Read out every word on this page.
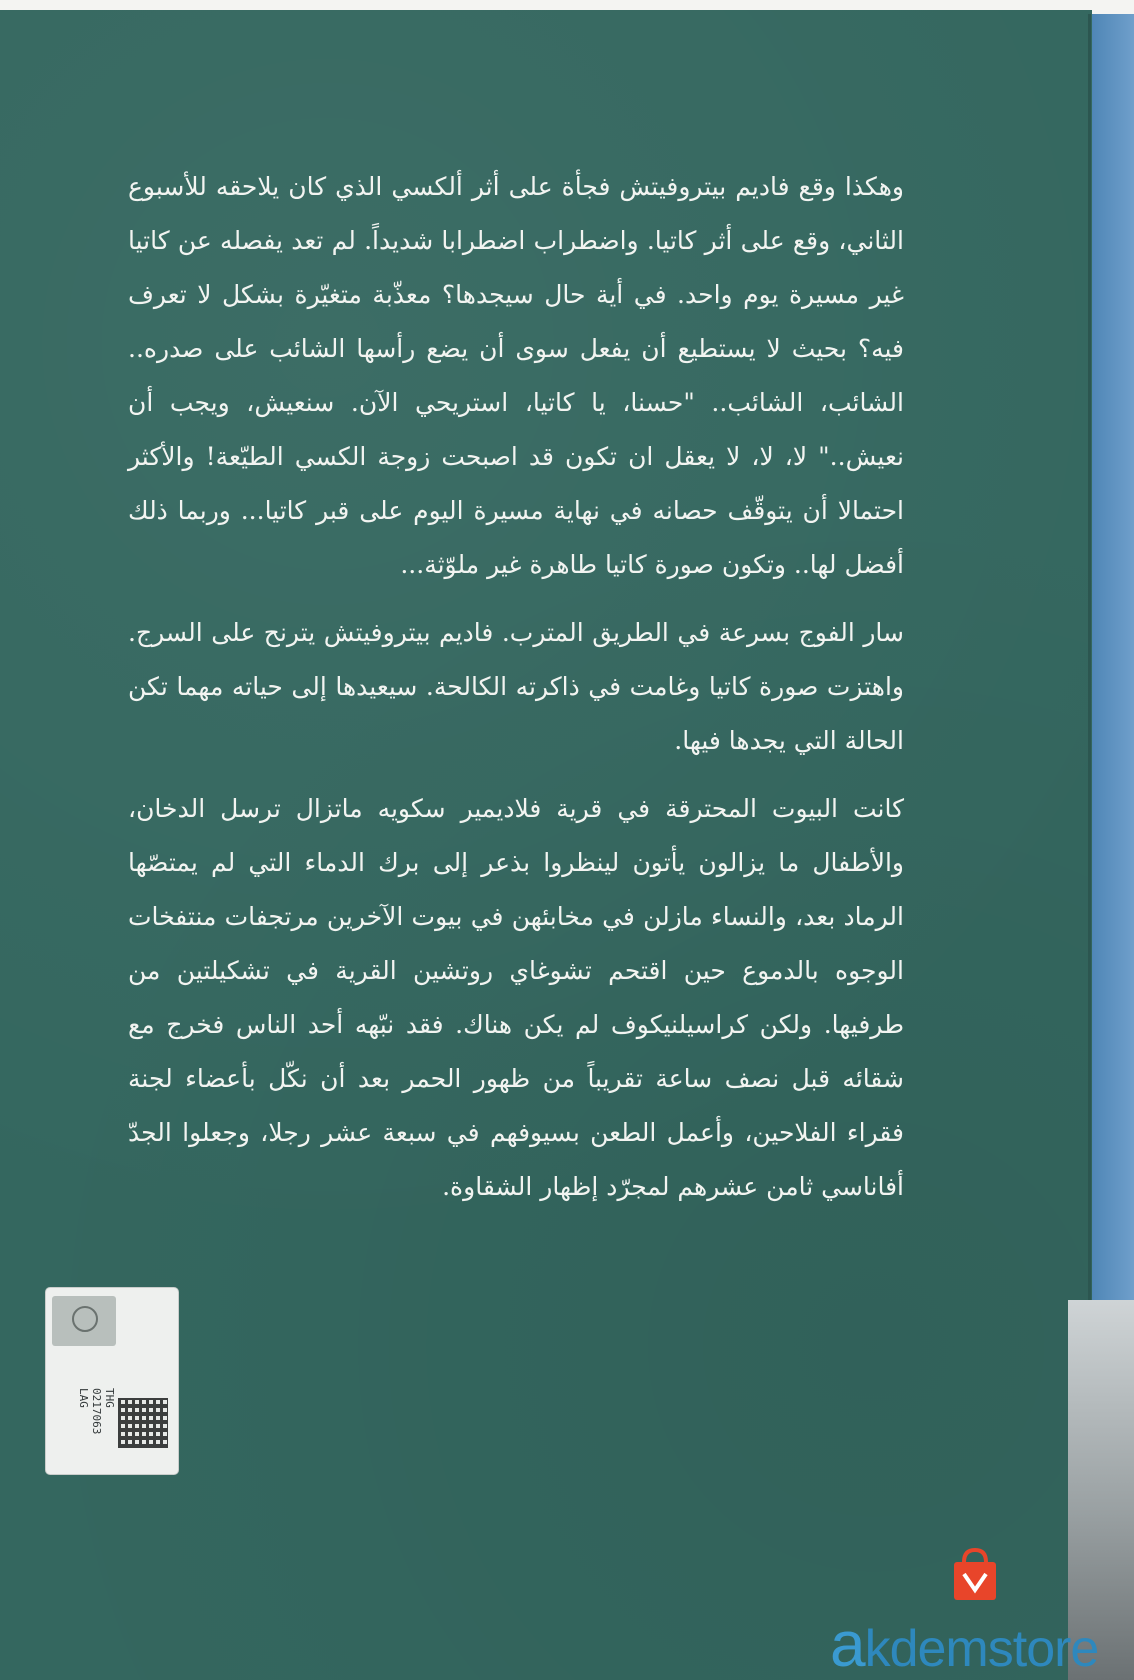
وهكذا وقع فاديم بيتروفيتش فجأة على أثر ألكسي الذي كان يلاحقه للأسبوع الثاني، وقع على أثر كاتيا. واضطراب اضطرابا شديداً. لم تعد يفصله عن كاتيا غير مسيرة يوم واحد. في أية حال سيجدها؟ معذّبة متغيّرة بشكل لا تعرف فيه؟ بحيث لا يستطيع أن يفعل سوى أن يضع رأسها الشائب على صدره.. الشائب، الشائب.. "حسنا، يا كاتيا، استريحي الآن. سنعيش، ويجب أن نعيش.." لا، لا، لا يعقل ان تكون قد اصبحت زوجة الكسي الطيّعة! والأكثر احتمالا أن يتوقّف حصانه في نهاية مسيرة اليوم على قبر كاتيا... وربما ذلك أفضل لها.. وتكون صورة كاتيا طاهرة غير ملوّثة...

سار الفوج بسرعة في الطريق المترب. فاديم بيتروفيتش يترنح على السرج. واهتزت صورة كاتيا وغامت في ذاكرته الكالحة. سيعيدها إلى حياته مهما تكن الحالة التي يجدها فيها.

كانت البيوت المحترقة في قرية فلاديمير سكويه ماتزال ترسل الدخان، والأطفال ما يزالون يأتون لينظروا بذعر إلى برك الدماء التي لم يمتصّها الرماد بعد، والنساء مازلن في مخابئهن في بيوت الآخرين مرتجفات منتفخات الوجوه بالدموع حين اقتحم تشوغاي روتشين القرية في تشكيلتين من طرفيها. ولكن كراسيلنيكوف لم يكن هناك. فقد نبّهه أحد الناس فخرج مع شقائه قبل نصف ساعة تقريباً من ظهور الحمر بعد أن نكّل بأعضاء لجنة فقراء الفلاحين، وأعمل الطعن بسيوفهم في سبعة عشر رجلا، وجعلوا الجدّ أفاناسي ثامن عشرهم لمجرّد إظهار الشقاوة.

THG
0217063
LAG
akdemstore
